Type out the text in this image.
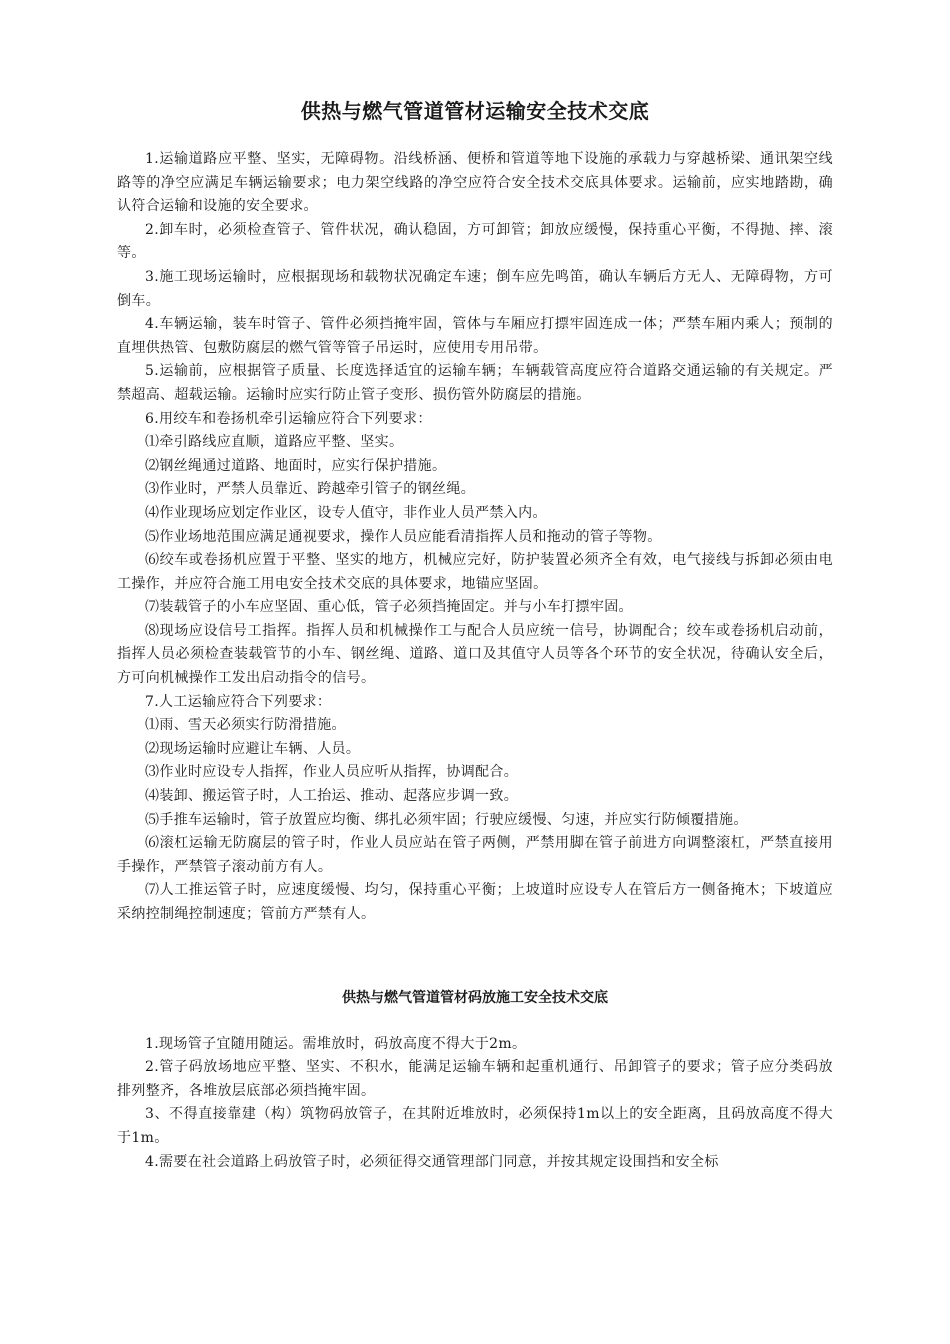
供热与燃气管道管材运输安全技术交底

1.运输道路应平整、坚实，无障碍物。沿线桥涵、便桥和管道等地下设施的承载力与穿越桥梁、通讯架空线路等的净空应满足车辆运输要求；电力架空线路的净空应符合安全技术交底具体要求。运输前，应实地踏勘，确认符合运输和设施的安全要求。

2.卸车时，必须检查管子、管件状况，确认稳固，方可卸管；卸放应缓慢，保持重心平衡，不得抛、摔、滚等。

3.施工现场运输时，应根据现场和载物状况确定车速；倒车应先鸣笛，确认车辆后方无人、无障碍物，方可倒车。

4.车辆运输，装车时管子、管件必须挡掩牢固，管体与车厢应打摽牢固连成一体；严禁车厢内乘人；预制的直埋供热管、包敷防腐层的燃气管等管子吊运时，应使用专用吊带。

5.运输前，应根据管子质量、长度选择适宜的运输车辆；车辆载管高度应符合道路交通运输的有关规定。严禁超高、超载运输。运输时应实行防止管子变形、损伤管外防腐层的措施。

6.用绞车和卷扬机牵引运输应符合下列要求：

⑴牵引路线应直顺，道路应平整、坚实。

⑵钢丝绳通过道路、地面时，应实行保护措施。

⑶作业时，严禁人员靠近、跨越牵引管子的钢丝绳。

⑷作业现场应划定作业区，设专人值守，非作业人员严禁入内。

⑸作业场地范围应满足通视要求，操作人员应能看清指挥人员和拖动的管子等物。

⑹绞车或卷扬机应置于平整、坚实的地方，机械应完好，防护装置必须齐全有效，电气接线与拆卸必须由电工操作，并应符合施工用电安全技术交底的具体要求，地锚应坚固。

⑺装载管子的小车应坚固、重心低，管子必须挡掩固定。并与小车打摽牢固。

⑻现场应设信号工指挥。指挥人员和机械操作工与配合人员应统一信号，协调配合；绞车或卷扬机启动前，指挥人员必须检查装载管节的小车、钢丝绳、道路、道口及其值守人员等各个环节的安全状况，待确认安全后，方可向机械操作工发出启动指令的信号。

7.人工运输应符合下列要求：

⑴雨、雪天必须实行防滑措施。

⑵现场运输时应避让车辆、人员。

⑶作业时应设专人指挥，作业人员应听从指挥，协调配合。

⑷装卸、搬运管子时，人工抬运、推动、起落应步调一致。

⑸手推车运输时，管子放置应均衡、绑扎必须牢固；行驶应缓慢、匀速，并应实行防倾覆措施。

⑹滚杠运输无防腐层的管子时，作业人员应站在管子两侧，严禁用脚在管子前进方向调整滚杠，严禁直接用手操作，严禁管子滚动前方有人。

⑺人工推运管子时，应速度缓慢、均匀，保持重心平衡；上坡道时应设专人在管后方一侧备掩木；下坡道应采纳控制绳控制速度；管前方严禁有人。

供热与燃气管道管材码放施工安全技术交底

1.现场管子宜随用随运。需堆放时，码放高度不得大于2m。

2.管子码放场地应平整、坚实、不积水，能满足运输车辆和起重机通行、吊卸管子的要求；管子应分类码放排列整齐，各堆放层底部必须挡掩牢固。

3、不得直接靠建（构）筑物码放管子，在其附近堆放时，必须保持1m以上的安全距离，且码放高度不得大于1m。

4.需要在社会道路上码放管子时，必须征得交通管理部门同意，并按其规定设围挡和安全标
